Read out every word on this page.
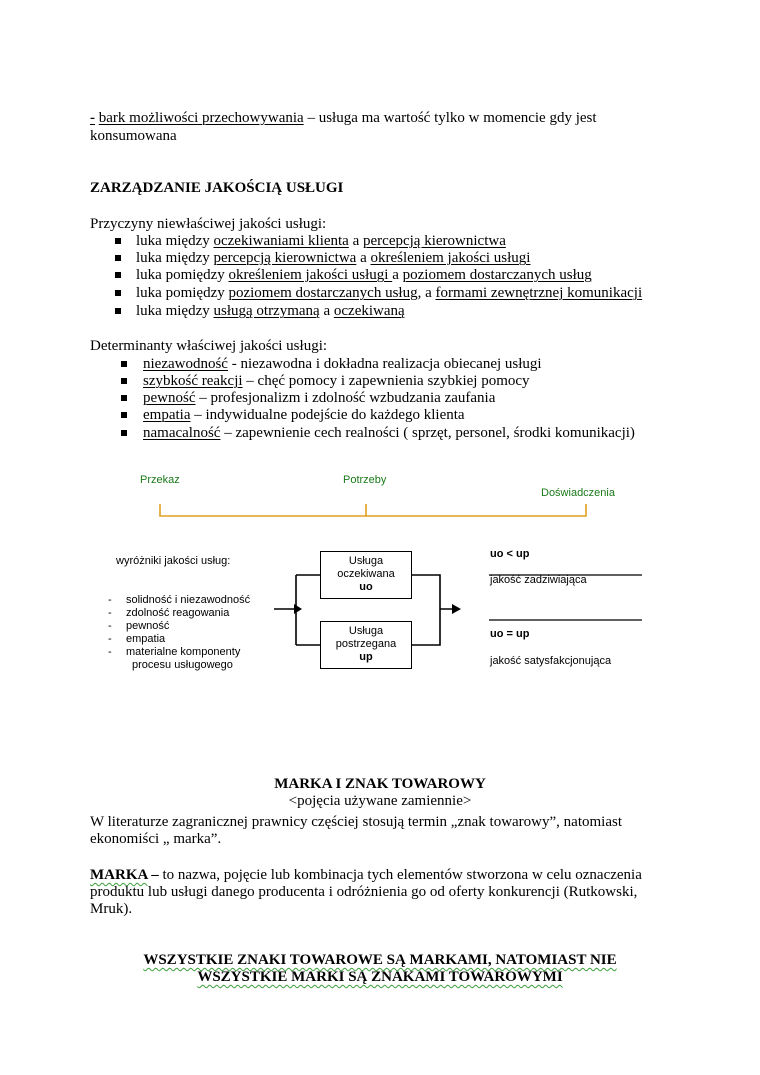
- bark możliwości przechowywania – usługa ma wartość tylko w momencie gdy jest

konsumowana

ZARZĄDZANIE JAKOŚCIĄ USŁUGI

Przyczyny niewłaściwej jakości usługi:

luka między oczekiwaniami klienta a percepcją kierownictwa

luka między percepcją kierownictwa a określeniem jakości usługi

luka pomiędzy określeniem jakości usługi a poziomem dostarczanych usług

luka pomiędzy poziomem dostarczanych usług, a formami zewnętrznej komunikacji

luka między usługą otrzymaną a oczekiwaną

Determinanty właściwej jakości usługi:

niezawodność - niezawodna i dokładna realizacja obiecanej usługi

szybkość reakcji – chęć pomocy i zapewnienia szybkiej pomocy

pewność – profesjonalizm i zdolność wzbudzania zaufania

empatia – indywidualne podejście do każdego klienta

namacalność – zapewnienie cech realności ( sprzęt, personel, środki komunikacji)

Przekaz	Potrzeby
Doświadczenia
wyróżniki jakości usług:
- solidność i niezawodność
- zdolność reagowania
- pewność
- empatia
- materialne komponenty
procesu usługowego
Usługa
oczekiwana
uo
Usługa
postrzegana
up
uo < up
jakość zadziwiająca
uo = up
jakość satysfakcjonująca

MARKA I ZNAK TOWAROWY

<pojęcia używane zamiennie>

W literaturze zagranicznej prawnicy częściej stosują termin „znak towarowy”, natomiast

ekonomiści „ marka”.

MARKA – to nazwa, pojęcie lub kombinacja tych elementów stworzona w celu oznaczenia

produktu lub usługi danego producenta i odróżnienia go od oferty konkurencji (Rutkowski,

Mruk).

WSZYSTKIE ZNAKI TOWAROWE SĄ MARKAMI, NATOMIAST NIE

WSZYSTKIE MARKI SĄ ZNAKAMI TOWAROWYMI
